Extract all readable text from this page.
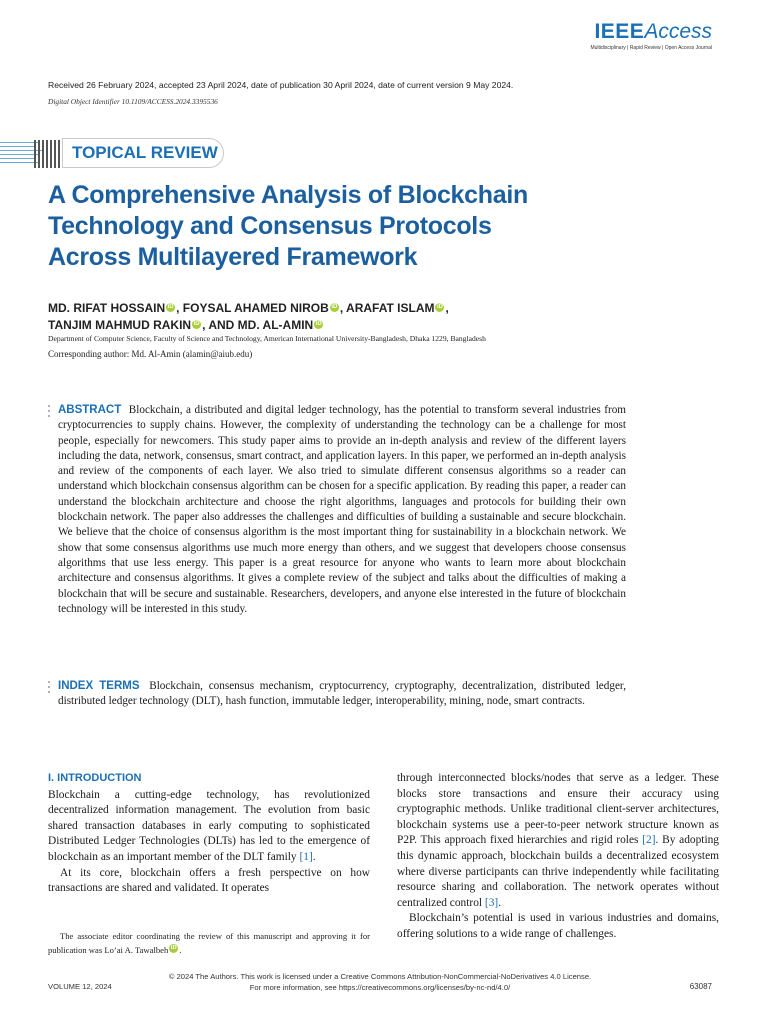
IEEEAccess
Multidisciplinary | Rapid Review | Open Access Journal
Received 26 February 2024, accepted 23 April 2024, date of publication 30 April 2024, date of current version 9 May 2024.
Digital Object Identifier 10.1109/ACCESS.2024.3395536
TOPICAL REVIEW
A Comprehensive Analysis of Blockchain Technology and Consensus Protocols Across Multilayered Framework
MD. RIFAT HOSSAIN iD , FOYSAL AHAMED NIROB iD , ARAFAT ISLAM iD ,
TANJIM MAHMUD RAKIN iD , AND MD. AL-AMIN iD
Department of Computer Science, Faculty of Science and Technology, American International University-Bangladesh, Dhaka 1229, Bangladesh
Corresponding author: Md. Al-Amin (alamin@aiub.edu)
ABSTRACT Blockchain, a distributed and digital ledger technology, has the potential to transform several industries from cryptocurrencies to supply chains. However, the complexity of understanding the technology can be a challenge for most people, especially for newcomers. This study paper aims to provide an in-depth analysis and review of the different layers including the data, network, consensus, smart contract, and application layers. In this paper, we performed an in-depth analysis and review of the components of each layer. We also tried to simulate different consensus algorithms so a reader can understand which blockchain consensus algorithm can be chosen for a specific application. By reading this paper, a reader can understand the blockchain architecture and choose the right algorithms, languages and protocols for building their own blockchain network. The paper also addresses the challenges and difficulties of building a sustainable and secure blockchain. We believe that the choice of consensus algorithm is the most important thing for sustainability in a blockchain network. We show that some consensus algorithms use much more energy than others, and we suggest that developers choose consensus algorithms that use less energy. This paper is a great resource for anyone who wants to learn more about blockchain architecture and consensus algorithms. It gives a complete review of the subject and talks about the difficulties of making a blockchain that will be secure and sustainable. Researchers, developers, and anyone else interested in the future of blockchain technology will be interested in this study.
INDEX TERMS Blockchain, consensus mechanism, cryptocurrency, cryptography, decentralization, distributed ledger, distributed ledger technology (DLT), hash function, immutable ledger, interoperability, mining, node, smart contracts.
I. INTRODUCTION

Blockchain a cutting-edge technology, has revolutionized decentralized information management. The evolution from basic shared transaction databases in early computing to sophisticated Distributed Ledger Technologies (DLTs) has led to the emergence of blockchain as an important member of the DLT family [1].

At its core, blockchain offers a fresh perspective on how transactions are shared and validated. It operates

through interconnected blocks/nodes that serve as a ledger. These blocks store transactions and ensure their accuracy using cryptographic methods. Unlike traditional client-server architectures, blockchain systems use a peer-to-peer network structure known as P2P. This approach fixed hierarchies and rigid roles [2]. By adopting this dynamic approach, blockchain builds a decentralized ecosystem where diverse participants can thrive independently while facilitating resource sharing and collaboration. The network operates without centralized control [3].

Blockchain’s potential is used in various industries and domains, offering solutions to a wide range of challenges.

The associate editor coordinating the review of this manuscript and approving it for publication was Lo’ai A. Tawalbeh iD .
VOLUME 12, 2024
© 2024 The Authors. This work is licensed under a Creative Commons Attribution-NonCommercial-NoDerivatives 4.0 License.
For more information, see https://creativecommons.org/licenses/by-nc-nd/4.0/	63087
